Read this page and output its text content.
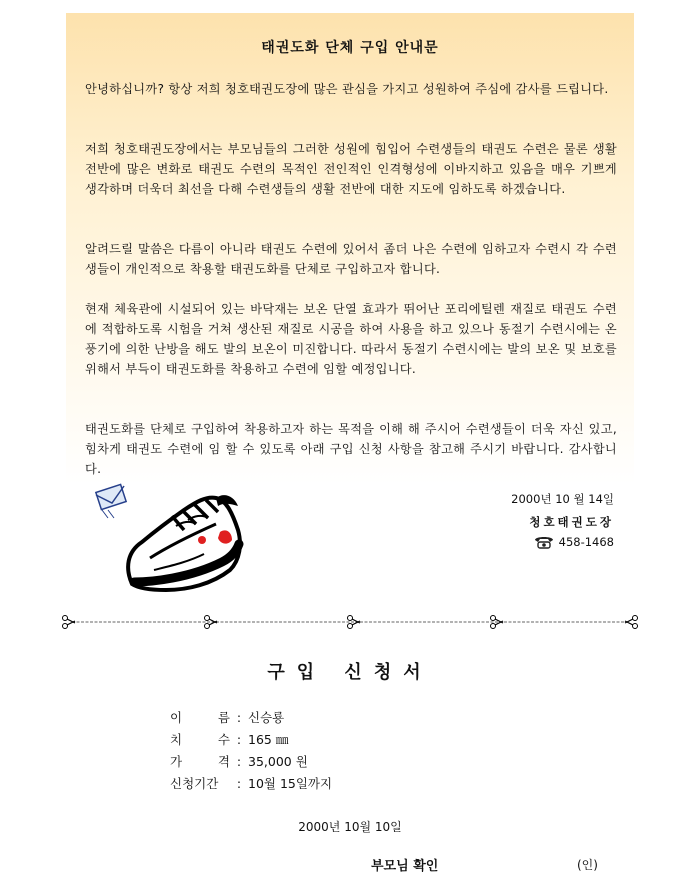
태권도화 단체 구입 안내문

안녕하십니까? 항상 저희 청호태권도장에 많은 관심을 가지고 성원하여 주심에 감사를 드립니다.

저희 청호태권도장에서는 부모님들의 그러한 성원에 힘입어 수련생들의 태권도 수련은 물론 생활전반에 많은 변화로 태권도 수련의 목적인 전인적인 인격형성에 이바지하고 있음을 매우 기쁘게 생각하며 더욱더 최선을 다해 수련생들의 생활 전반에 대한 지도에 임하도록 하겠습니다.

알려드릴 말씀은 다름이 아니라 태권도 수련에 있어서 좀더 나은 수련에 임하고자 수련시 각 수련생들이 개인적으로 착용할 태권도화를 단체로 구입하고자 합니다.

현재 체육관에 시설되어 있는 바닥재는 보온 단열 효과가 뛰어난 포리에틸렌 재질로 태권도 수련에 적합하도록 시험을 거쳐 생산된 재질로 시공을 하여 사용을 하고 있으나 동절기 수련시에는 온풍기에 의한 난방을 해도 발의 보온이 미진합니다. 따라서 동절기 수련시에는 발의 보온 및 보호를 위해서 부득이 태권도화를 착용하고 수련에 임할 예정입니다.

태권도화를 단체로 구입하여 착용하고자 하는 목적을 이해 해 주시어 수련생들이 더욱 자신 있고, 힘차게 태권도 수련에 임 할 수 있도록 아래 구입 신청 사항을 참고해 주시기 바랍니다. 감사합니다.

2000년 10 월 14일
청호태권도장
458-1468
구입 신청서
이 름 : 신승룡
치 수 : 165 ㎜
가 격 : 35,000 원
신청기간 : 10월 15일까지
2000년 10월 10일
부모님 확인	(인)
